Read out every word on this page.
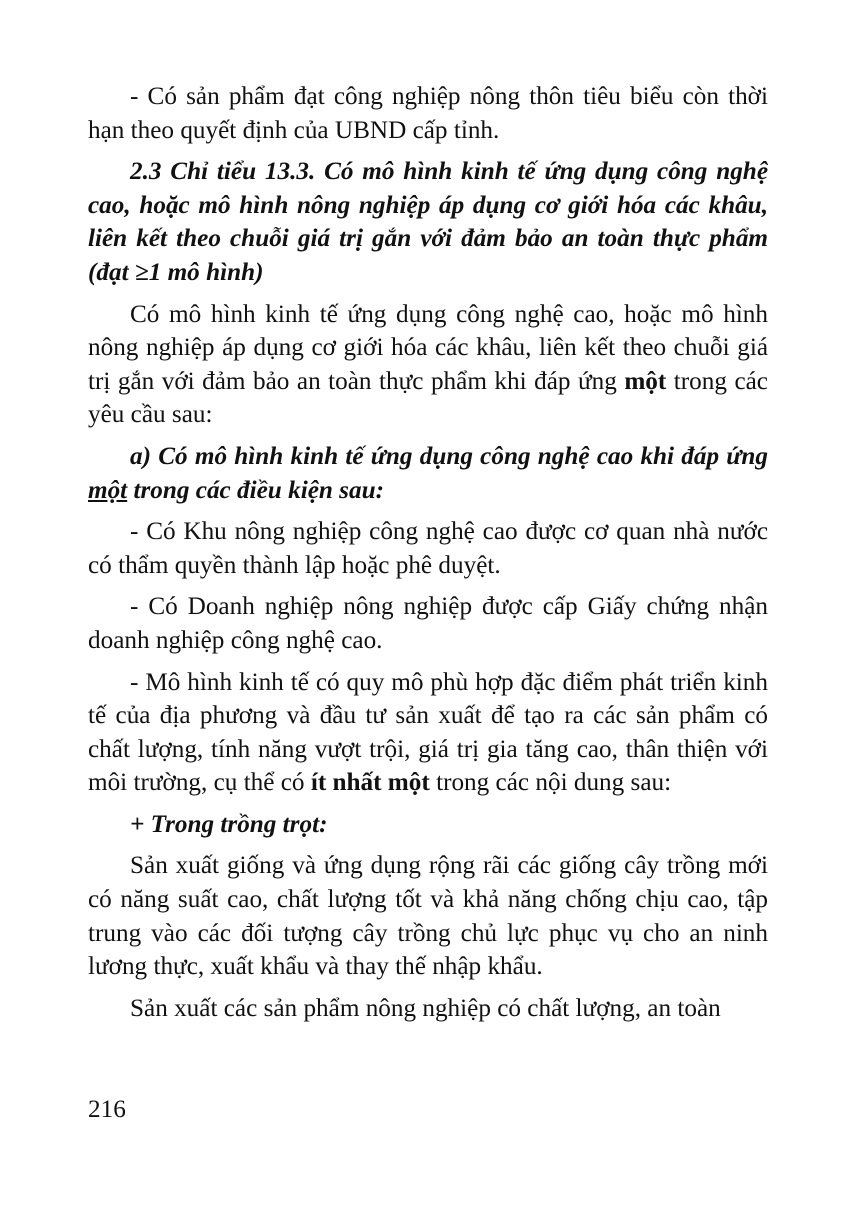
- Có sản phẩm đạt công nghiệp nông thôn tiêu biểu còn thời hạn theo quyết định của UBND cấp tỉnh.

2.3 Chỉ tiểu 13.3. Có mô hình kinh tế ứng dụng công nghệ cao, hoặc mô hình nông nghiệp áp dụng cơ giới hóa các khâu, liên kết theo chuỗi giá trị gắn với đảm bảo an toàn thực phẩm (đạt ≥1 mô hình)

Có mô hình kinh tế ứng dụng công nghệ cao, hoặc mô hình nông nghiệp áp dụng cơ giới hóa các khâu, liên kết theo chuỗi giá trị gắn với đảm bảo an toàn thực phẩm khi đáp ứng một trong các yêu cầu sau:

a) Có mô hình kinh tế ứng dụng công nghệ cao khi đáp ứng một trong các điều kiện sau:

- Có Khu nông nghiệp công nghệ cao được cơ quan nhà nước có thẩm quyền thành lập hoặc phê duyệt.

- Có Doanh nghiệp nông nghiệp được cấp Giấy chứng nhận doanh nghiệp công nghệ cao.

- Mô hình kinh tế có quy mô phù hợp đặc điểm phát triển kinh tế của địa phương và đầu tư sản xuất để tạo ra các sản phẩm có chất lượng, tính năng vượt trội, giá trị gia tăng cao, thân thiện với môi trường, cụ thể có ít nhất một trong các nội dung sau:

+ Trong trồng trọt:

Sản xuất giống và ứng dụng rộng rãi các giống cây trồng mới có năng suất cao, chất lượng tốt và khả năng chống chịu cao, tập trung vào các đối tượng cây trồng chủ lực phục vụ cho an ninh lương thực, xuất khẩu và thay thế nhập khẩu.

Sản xuất các sản phẩm nông nghiệp có chất lượng, an toàn

216
